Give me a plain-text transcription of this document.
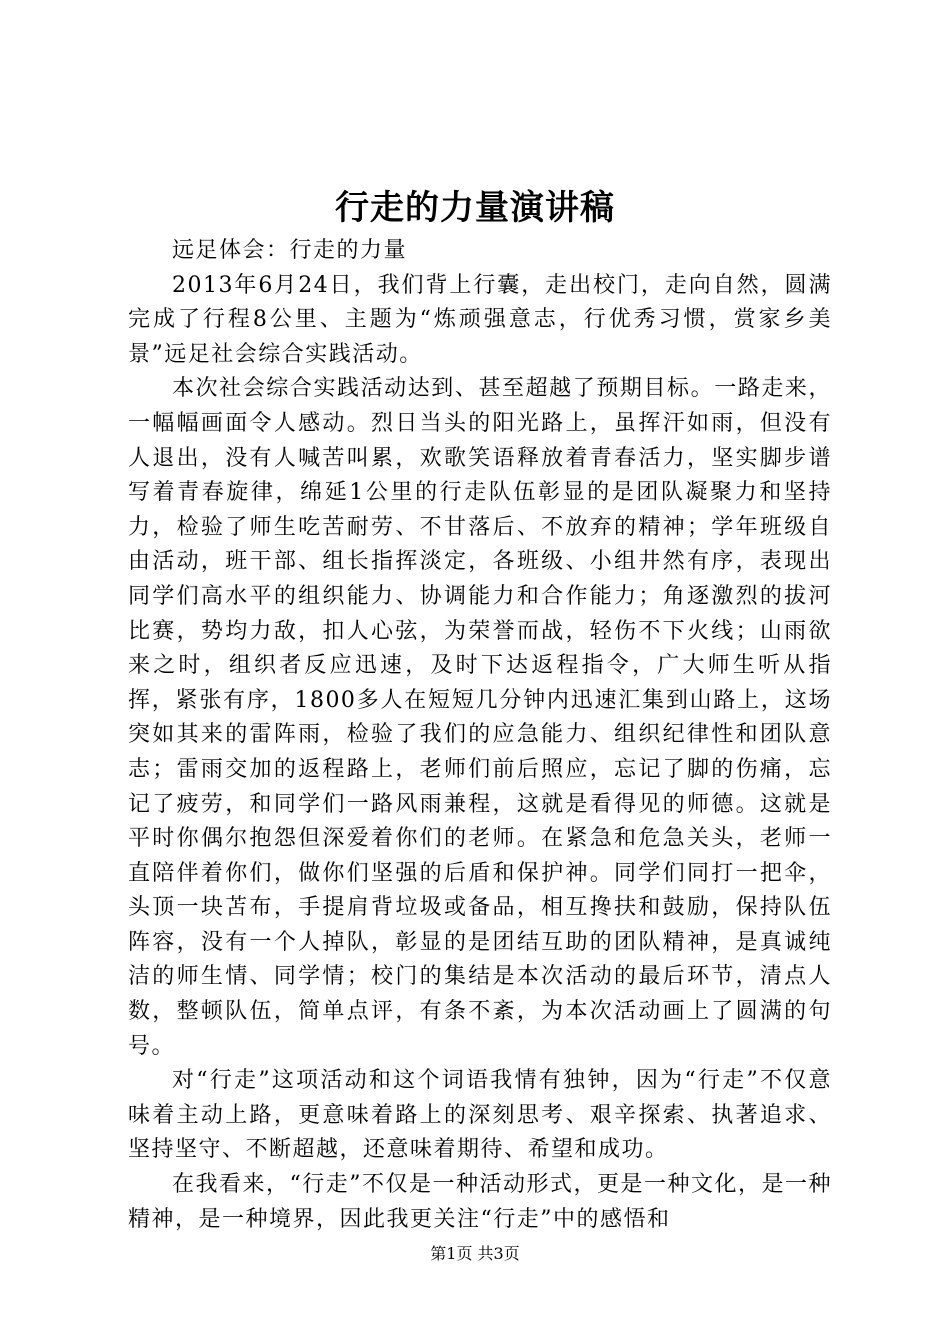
行走的力量演讲稿

远足体会：行走的力量

2013年6月24日，我们背上行囊，走出校门，走向自然，圆满完成了行程8公里、主题为“炼顽强意志，行优秀习惯，赏家乡美景”远足社会综合实践活动。

本次社会综合实践活动达到、甚至超越了预期目标。一路走来，一幅幅画面令人感动。烈日当头的阳光路上，虽挥汗如雨，但没有人退出，没有人喊苦叫累，欢歌笑语释放着青春活力，坚实脚步谱写着青春旋律，绵延1公里的行走队伍彰显的是团队凝聚力和坚持力，检验了师生吃苦耐劳、不甘落后、不放弃的精神；学年班级自由活动，班干部、组长指挥淡定，各班级、小组井然有序，表现出同学们高水平的组织能力、协调能力和合作能力；角逐激烈的拔河比赛，势均力敌，扣人心弦，为荣誉而战，轻伤不下火线；山雨欲来之时，组织者反应迅速，及时下达返程指令，广大师生听从指挥，紧张有序，1800多人在短短几分钟内迅速汇集到山路上，这场突如其来的雷阵雨，检验了我们的应急能力、组织纪律性和团队意志；雷雨交加的返程路上，老师们前后照应，忘记了脚的伤痛，忘记了疲劳，和同学们一路风雨兼程，这就是看得见的师德。这就是平时你偶尔抱怨但深爱着你们的老师。在紧急和危急关头，老师一直陪伴着你们，做你们坚强的后盾和保护神。同学们同打一把伞，头顶一块苫布，手提肩背垃圾或备品，相互搀扶和鼓励，保持队伍阵容，没有一个人掉队，彰显的是团结互助的团队精神，是真诚纯洁的师生情、同学情；校门的集结是本次活动的最后环节，清点人数，整顿队伍，简单点评，有条不紊，为本次活动画上了圆满的句号。

对“行走”这项活动和这个词语我情有独钟，因为“行走”不仅意味着主动上路，更意味着路上的深刻思考、艰辛探索、执著追求、坚持坚守、不断超越，还意味着期待、希望和成功。

在我看来，“行走”不仅是一种活动形式，更是一种文化，是一种精神，是一种境界，因此我更关注“行走”中的感悟和

第1页 共3页
